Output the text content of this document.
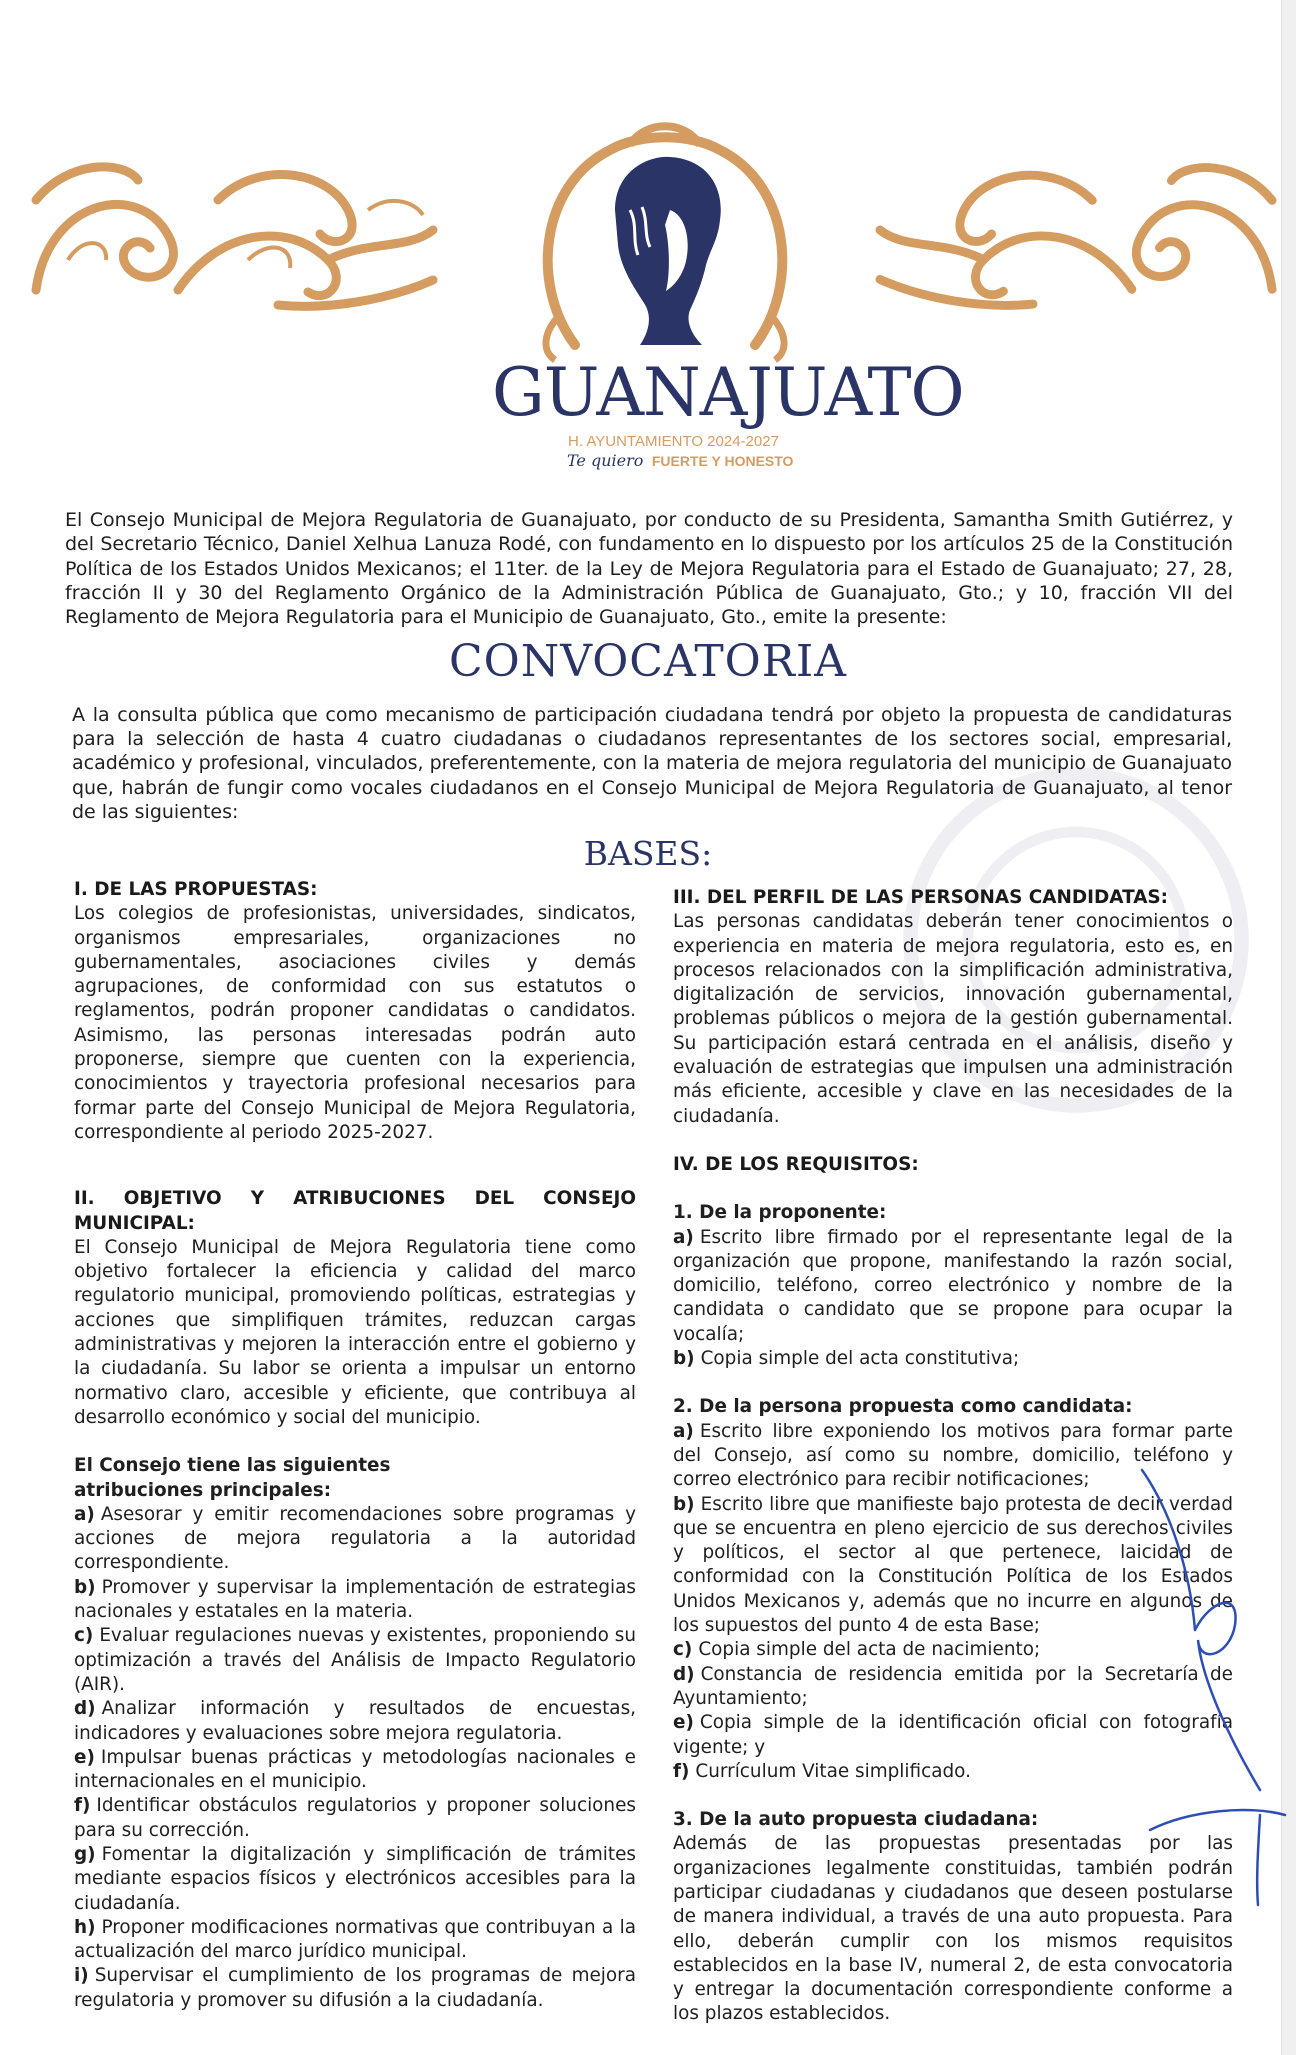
GUANAJUATO
H. AYUNTAMIENTO 2024-2027
Te quiero FUERTE Y HONESTO

El Consejo Municipal de Mejora Regulatoria de Guanajuato, por conducto de su Presidenta, Samantha Smith Gutiérrez, y del Secretario Técnico, Daniel Xelhua Lanuza Rodé, con fundamento en lo dispuesto por los artículos 25 de la Constitución Política de los Estados Unidos Mexicanos; el 11ter. de la Ley de Mejora Regulatoria para el Estado de Guanajuato; 27, 28, fracción II y 30 del Reglamento Orgánico de la Administración Pública de Guanajuato, Gto.; y 10, fracción VII del Reglamento de Mejora Regulatoria para el Municipio de Guanajuato, Gto., emite la presente:

CONVOCATORIA

A la consulta pública que como mecanismo de participación ciudadana tendrá por objeto la propuesta de candidaturas para la selección de hasta 4 cuatro ciudadanas o ciudadanos representantes de los sectores social, empresarial, académico y profesional, vinculados, preferentemente, con la materia de mejora regulatoria del municipio de Guanajuato que, habrán de fungir como vocales ciudadanos en el Consejo Municipal de Mejora Regulatoria de Guanajuato, al tenor de las siguientes:

BASES:

I. DE LAS PROPUESTAS:

Los colegios de profesionistas, universidades, sindicatos, organismos empresariales, organizaciones no gubernamentales, asociaciones civiles y demás agrupaciones, de conformidad con sus estatutos o reglamentos, podrán proponer candidatas o candidatos. Asimismo, las personas interesadas podrán auto proponerse, siempre que cuenten con la experiencia, conocimientos y trayectoria profesional necesarios para formar parte del Consejo Municipal de Mejora Regulatoria, correspondiente al periodo 2025-2027.

II. OBJETIVO Y ATRIBUCIONES DEL CONSEJO MUNICIPAL:

El Consejo Municipal de Mejora Regulatoria tiene como objetivo fortalecer la eficiencia y calidad del marco regulatorio municipal, promoviendo políticas, estrategias y acciones que simplifiquen trámites, reduzcan cargas administrativas y mejoren la interacción entre el gobierno y la ciudadanía. Su labor se orienta a impulsar un entorno normativo claro, accesible y eficiente, que contribuya al desarrollo económico y social del municipio.

El Consejo tiene las siguientes atribuciones principales:

a) Asesorar y emitir recomendaciones sobre programas y acciones de mejora regulatoria a la autoridad correspondiente.

b) Promover y supervisar la implementación de estrategias nacionales y estatales en la materia.

c) Evaluar regulaciones nuevas y existentes, proponiendo su optimización a través del Análisis de Impacto Regulatorio (AIR).

d) Analizar información y resultados de encuestas, indicadores y evaluaciones sobre mejora regulatoria.

e) Impulsar buenas prácticas y metodologías nacionales e internacionales en el municipio.

f) Identificar obstáculos regulatorios y proponer soluciones para su corrección.

g) Fomentar la digitalización y simplificación de trámites mediante espacios físicos y electrónicos accesibles para la ciudadanía.

h) Proponer modificaciones normativas que contribuyan a la actualización del marco jurídico municipal.

i) Supervisar el cumplimiento de los programas de mejora regulatoria y promover su difusión a la ciudadanía.

III. DEL PERFIL DE LAS PERSONAS CANDIDATAS:

Las personas candidatas deberán tener conocimientos o experiencia en materia de mejora regulatoria, esto es, en procesos relacionados con la simplificación administrativa, digitalización de servicios, innovación gubernamental, problemas públicos o mejora de la gestión gubernamental. Su participación estará centrada en el análisis, diseño y evaluación de estrategias que impulsen una administración más eficiente, accesible y clave en las necesidades de la ciudadanía.

IV. DE LOS REQUISITOS:

1. De la proponente:

a) Escrito libre firmado por el representante legal de la organización que propone, manifestando la razón social, domicilio, teléfono, correo electrónico y nombre de la candidata o candidato que se propone para ocupar la vocalía;

b) Copia simple del acta constitutiva;

2. De la persona propuesta como candidata:

a) Escrito libre exponiendo los motivos para formar parte del Consejo, así como su nombre, domicilio, teléfono y correo electrónico para recibir notificaciones;

b) Escrito libre que manifieste bajo protesta de decir verdad que se encuentra en pleno ejercicio de sus derechos civiles y políticos, el sector al que pertenece, laicidad de conformidad con la Constitución Política de los Estados Unidos Mexicanos y, además que no incurre en algunos de los supuestos del punto 4 de esta Base;

c) Copia simple del acta de nacimiento;

d) Constancia de residencia emitida por la Secretaría de Ayuntamiento;

e) Copia simple de la identificación oficial con fotografía vigente; y

f) Currículum Vitae simplificado.

3. De la auto propuesta ciudadana:

Además de las propuestas presentadas por las organizaciones legalmente constituidas, también podrán participar ciudadanas y ciudadanos que deseen postularse de manera individual, a través de una auto propuesta. Para ello, deberán cumplir con los mismos requisitos establecidos en la base IV, numeral 2, de esta convocatoria y entregar la documentación correspondiente conforme a los plazos establecidos.
